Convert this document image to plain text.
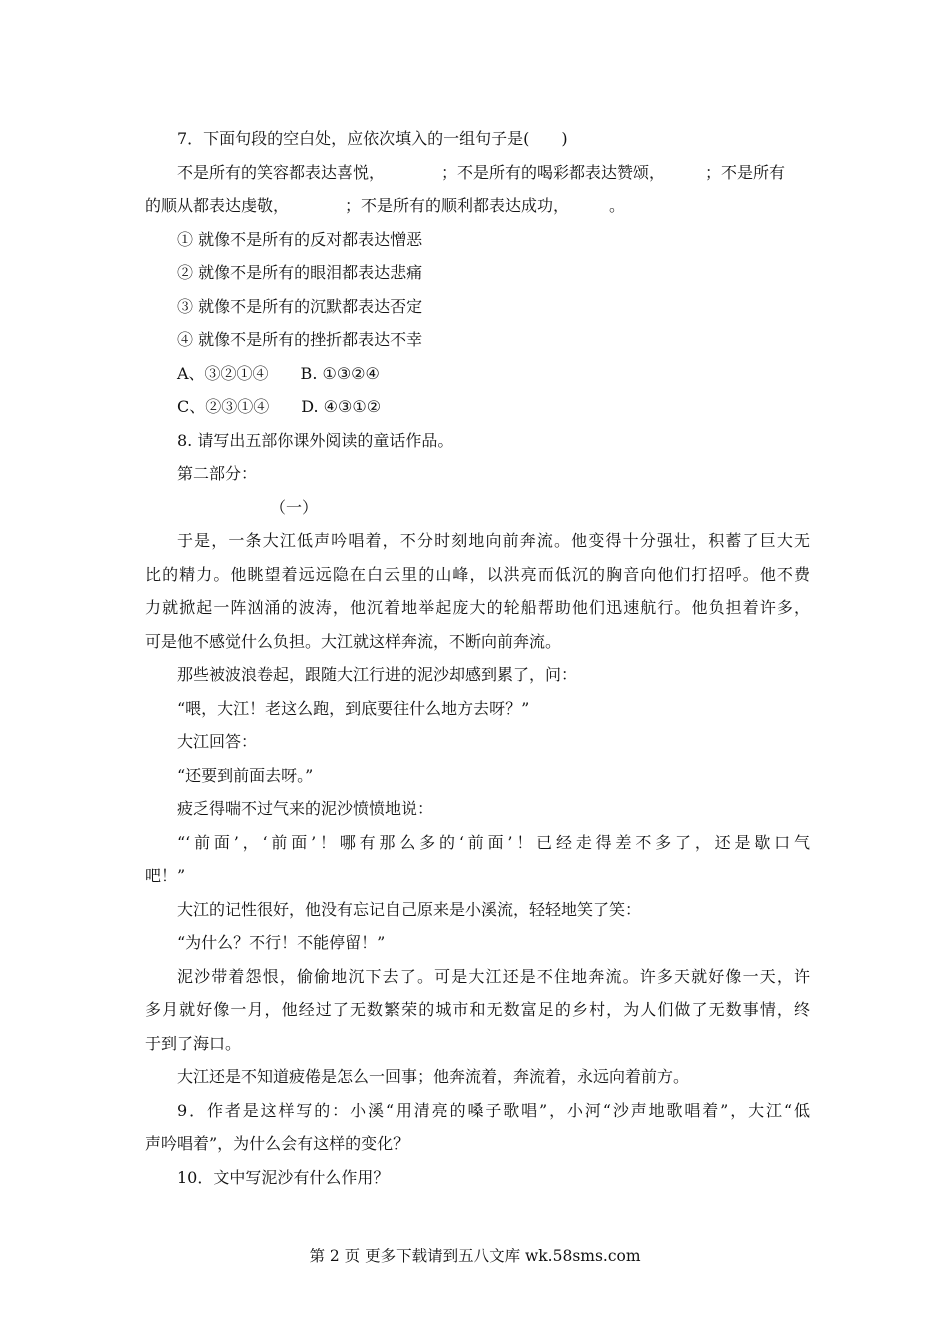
7．下面句段的空白处，应依次填入的一组句子是(　　)
不是所有的笑容都表达喜悦，　　　　；不是所有的喝彩都表达赞颂，　　　；不是所有
的顺从都表达虔敬，　　　　；不是所有的顺利都表达成功，　　　。
① 就像不是所有的反对都表达憎恶
② 就像不是所有的眼泪都表达悲痛
③ 就像不是所有的沉默都表达否定
④ 就像不是所有的挫折都表达不幸
A、③②①④　　B. ①③②④
C、②③①④　　D. ④③①②
8. 请写出五部你课外阅读的童话作品。
第二部分：
（一）
于是，一条大江低声吟唱着，不分时刻地向前奔流。他变得十分强壮，积蓄了巨大无
比的精力。他眺望着远远隐在白云里的山峰，以洪亮而低沉的胸音向他们打招呼。他不费
力就掀起一阵汹涌的波涛，他沉着地举起庞大的轮船帮助他们迅速航行。他负担着许多，
可是他不感觉什么负担。大江就这样奔流，不断向前奔流。
那些被波浪卷起，跟随大江行进的泥沙却感到累了，问：
“喂，大江！老这么跑，到底要往什么地方去呀？”
大江回答：
“还要到前面去呀。”
疲乏得喘不过气来的泥沙愤愤地说：
“‘前面’，‘前面’！哪有那么多的‘前面’！已经走得差不多了，还是歇口气
吧！”
大江的记性很好，他没有忘记自己原来是小溪流，轻轻地笑了笑：
“为什么？不行！不能停留！”
泥沙带着怨恨，偷偷地沉下去了。可是大江还是不住地奔流。许多天就好像一天，许
多月就好像一月，他经过了无数繁荣的城市和无数富足的乡村，为人们做了无数事情，终
于到了海口。
大江还是不知道疲倦是怎么一回事；他奔流着，奔流着，永远向着前方。
9．作者是这样写的：小溪“用清亮的嗓子歌唱”，小河“沙声地歌唱着”，大江“低
声吟唱着”，为什么会有这样的变化？
10．文中写泥沙有什么作用？
第 2 页 更多下载请到五八文库 wk.58sms.com
